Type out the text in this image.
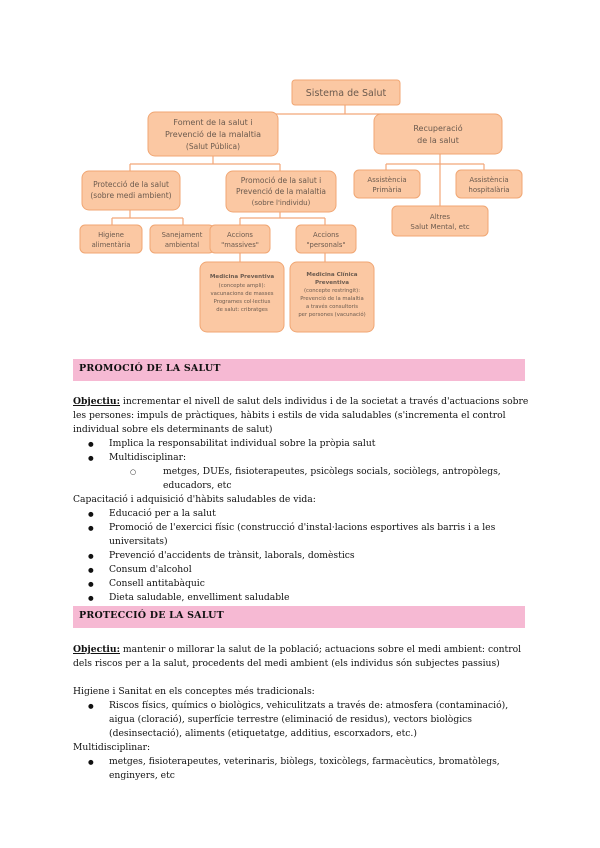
Sistema de Salut
Foment de la salut i
Prevenció de la malaltia
(Salut Pública)
Recuperació
de la salut
Protecció de la salut
(sobre medi ambient)
Promoció de la salut i
Prevenció de la malaltia
(sobre l'individu)
Assistència
Primària
Assistència
hospitalària
Altres
Salut Mental, etc
Higiene
alimentària
Sanejament
ambiental
Accions
"massives"
Accions
"personals"
Medicina Preventiva
(concepte ampli):
vacunacions de masses
Programes col·lectius
de salut: cribratges
Medicina Clínica
Preventiva
(concepte restringit):
Prevenció de la malaltia
a través consultoris
per persones (vacunació)
PROMOCIÓ DE LA SALUT
Objectiu: incrementar el nivell de salut dels individus i de la societat a través d'actuacions sobre les persones: impuls de pràctiques, hàbits i estils de vida saludables (s'incrementa el control individual sobre els determinants de salut)
● Implica la responsabilitat individual sobre la pròpia salut
● Multidisciplinar:
○ metges, DUEs, fisioterapeutes, psicòlegs socials, sociòlegs, antropòlegs, educadors, etc
Capacitació i adquisició d'hàbits saludables de vida:
● Educació per a la salut
● Promoció de l'exercici físic (construcció d'instal·lacions esportives als barris i a les universitats)
● Prevenció d'accidents de trànsit, laborals, domèstics
● Consum d'alcohol
● Consell antitabàquic
● Dieta saludable, envelliment saludable
PROTECCIÓ DE LA SALUT
Objectiu: mantenir o millorar la salut de la població; actuacions sobre el medi ambient: control dels riscos per a la salut, procedents del medi ambient (els individus són subjectes passius)
Higiene i Sanitat en els conceptes més tradicionals:
● Riscos físics, químics o biològics, vehiculitzats a través de: atmosfera (contaminació), aigua (cloració), superfície terrestre (eliminació de residus), vectors biològics (desinsectació), aliments (etiquetatge, additius, escorxadors, etc.)
Multidisciplinar:
● metges, fisioterapeutes, veterinaris, biòlegs, toxicòlegs, farmacèutics, bromatòlegs, enginyers, etc
